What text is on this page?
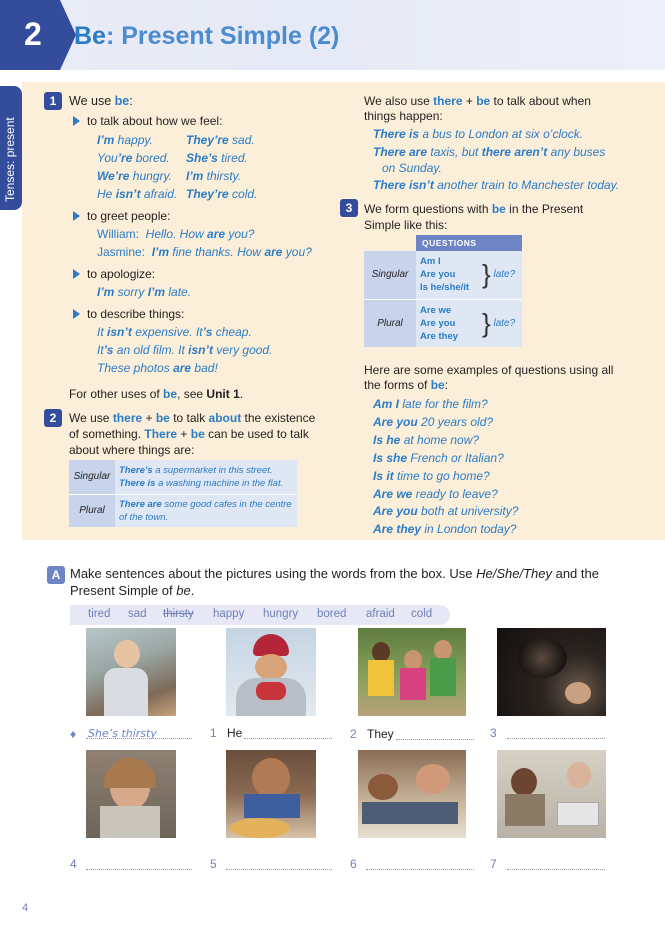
2 Be: Present Simple (2)
Tenses: present
1	We use be:
to talk about how we feel:
I’m happy.	They’re sad.
You’re bored. She’s tired.
We’re hungry. I’m thirsty.
He isn’t afraid. They’re cold.
to greet people:
William: Hello. How are you?
Jasmine: I’m fine thanks. How are you?
to apologize:
I’m sorry I’m late.
to describe things:
It isn’t expensive. It’s cheap.
It’s an old film. It isn’t very good.
These photos are bad!
For other uses of be, see Unit 1.
2	We use there + be to talk about the existence
of something. There + be can be used to talk
about where things are:
Singular	There’s a supermarket in this street.
There is a washing machine in the flat.
Plural	There are some good cafes in the centre
of the town.
We also use there + be to talk about when
things happen:
There is a bus to London at six o’clock.
There are taxis, but there aren’t any buses
on Sunday.
There isn’t another train to Manchester today.
3 We form questions with be in the Present
Simple like this:
	QUESTIONS	
Singular	Am I
Are you
Is he/she/it	} late?
Plural	Are we
Are you
Are they	} late?
Here are some examples of questions using all
the forms of be:
Am I late for the film?
Are you 20 years old?
Is he at home now?
Is she French or Italian?
Is it time to go home?
Are we ready to leave?
Are you both at university?
Are they in London today?
A Make sentences about the pictures using the words from the box. Use He/She/They and the
Present Simple of be.
tired sad thirsty happy hungry bored afraid cold
♦ She’s thirsty	1 He	2 They	3
4	5	6	7
4
